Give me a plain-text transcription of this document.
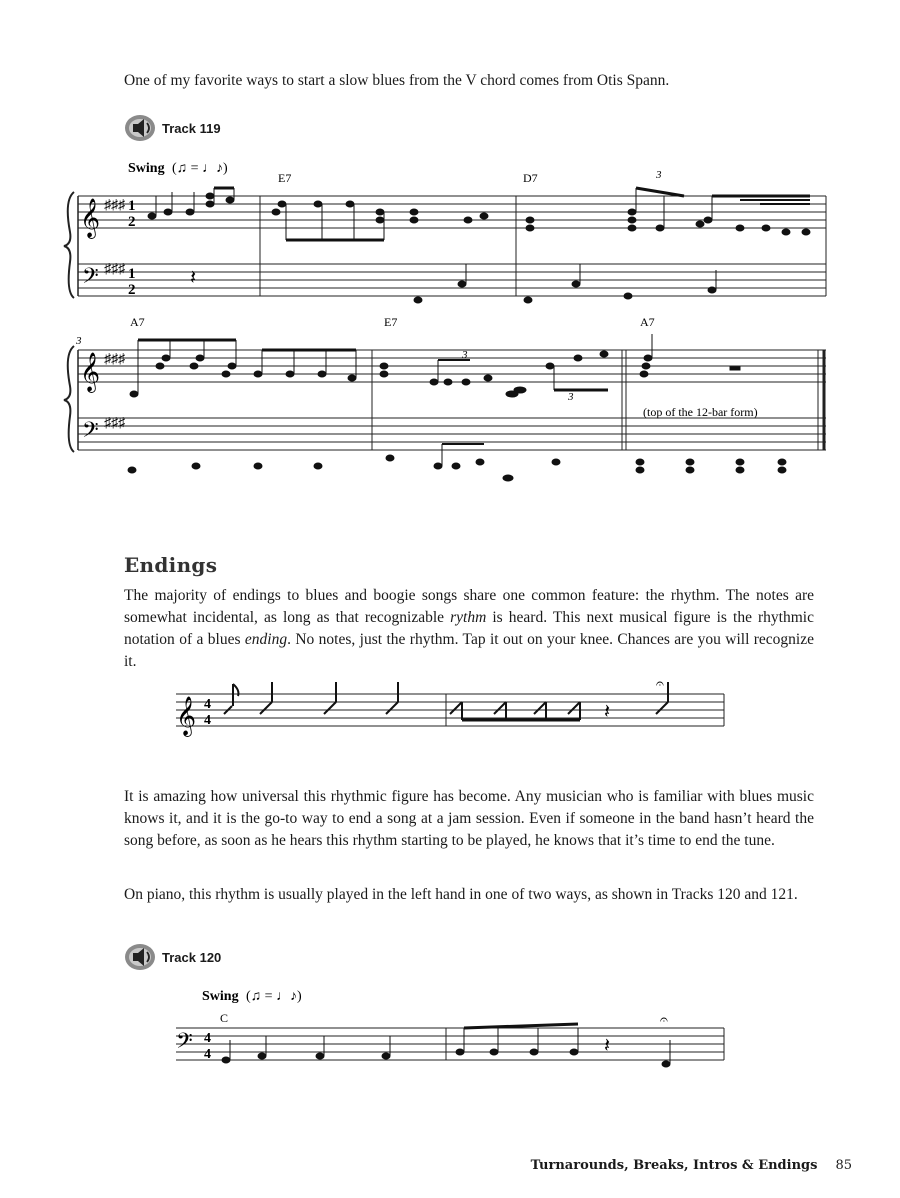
One of my favorite ways to start a slow blues from the V chord comes from Otis Spann.
Track 119
Swing (♫ = ♩♪)
E7	D7
𝄞
𝄢
♯♯♯
♯♯♯
1
2
1
2
𝄽
3
3
A7	E7	A7
𝄞
𝄢
♯♯♯
♯♯♯
3
3
(top of the 12-bar form)
Endings
The majority of endings to blues and boogie songs share one common feature: the rhythm. The notes are somewhat incidental, as long as that recognizable rythm is heard. This next musical figure is the rhythmic notation of a blues ending. No notes, just the rhythm. Tap it out on your knee. Chances are you will recognize it.
𝄞 4
4	𝄽
𝄐
It is amazing how universal this rhythmic figure has become. Any musician who is familiar with blues music knows it, and it is the go-to way to end a song at a jam session. Even if someone in the band hasn’t heard the song before, as soon as he hears this rhythm starting to be played, he knows that it’s time to end the tune.
On piano, this rhythm is usually played in the left hand in one of two ways, as shown in Tracks 120 and 121.
Track 120
Swing (♫ = ♩♪)
C
𝄢 4
4	𝄽
𝄐
Turnarounds, Breaks, Intros & Endings 85
